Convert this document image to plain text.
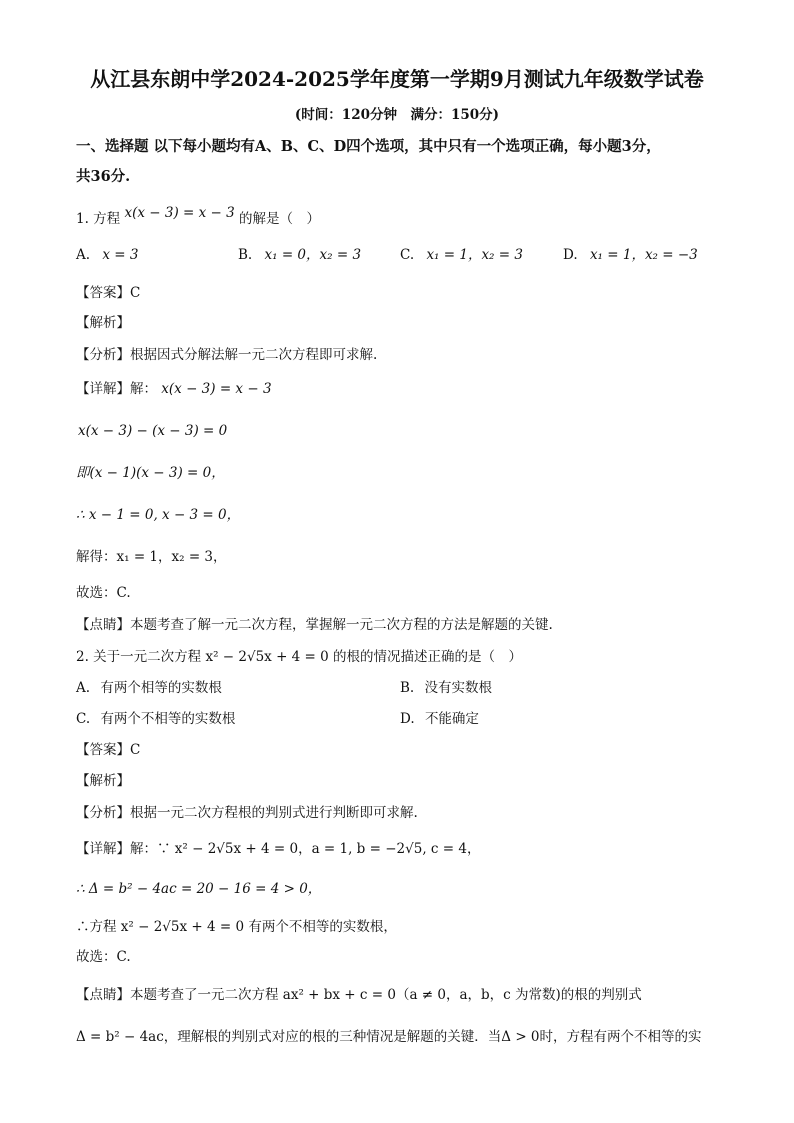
从江县东朗中学2024-2025学年度第一学期9月测试九年级数学试卷
(时间：120分钟　满分：150分)
一、选择题 以下每小题均有A、B、C、D四个选项，其中只有一个选项正确，每小题3分，
共36分.
1. 方程 x(x − 3) = x − 3 的解是（　）
A. x = 3	B. x₁ = 0，x₂ = 3	C. x₁ = 1，x₂ = 3	D. x₁ = 1，x₂ = −3
【答案】C
【解析】
【分析】根据因式分解法解一元二次方程即可求解.
【详解】解： x(x − 3) = x − 3
x(x − 3) − (x − 3) = 0
即(x − 1)(x − 3) = 0，
∴ x − 1 = 0, x − 3 = 0，
解得：x₁ = 1，x₂ = 3，
故选：C.
【点睛】本题考查了解一元二次方程，掌握解一元二次方程的方法是解题的关键.
2. 关于一元二次方程 x² − 2√5x + 4 = 0 的根的情况描述正确的是（　）
A. 有两个相等的实数根	B. 没有实数根
C. 有两个不相等的实数根	D. 不能确定
【答案】C
【解析】
【分析】根据一元二次方程根的判别式进行判断即可求解.
【详解】解：∵ x² − 2√5x + 4 = 0，a = 1, b = −2√5, c = 4，
∴ Δ = b² − 4ac = 20 − 16 = 4 > 0，
∴方程 x² − 2√5x + 4 = 0 有两个不相等的实数根，
故选：C.
【点睛】本题考查了一元二次方程 ax² + bx + c = 0（a ≠ 0，a，b，c 为常数)的根的判别式
Δ = b² − 4ac，理解根的判别式对应的根的三种情况是解题的关键．当Δ > 0时，方程有两个不相等的实
